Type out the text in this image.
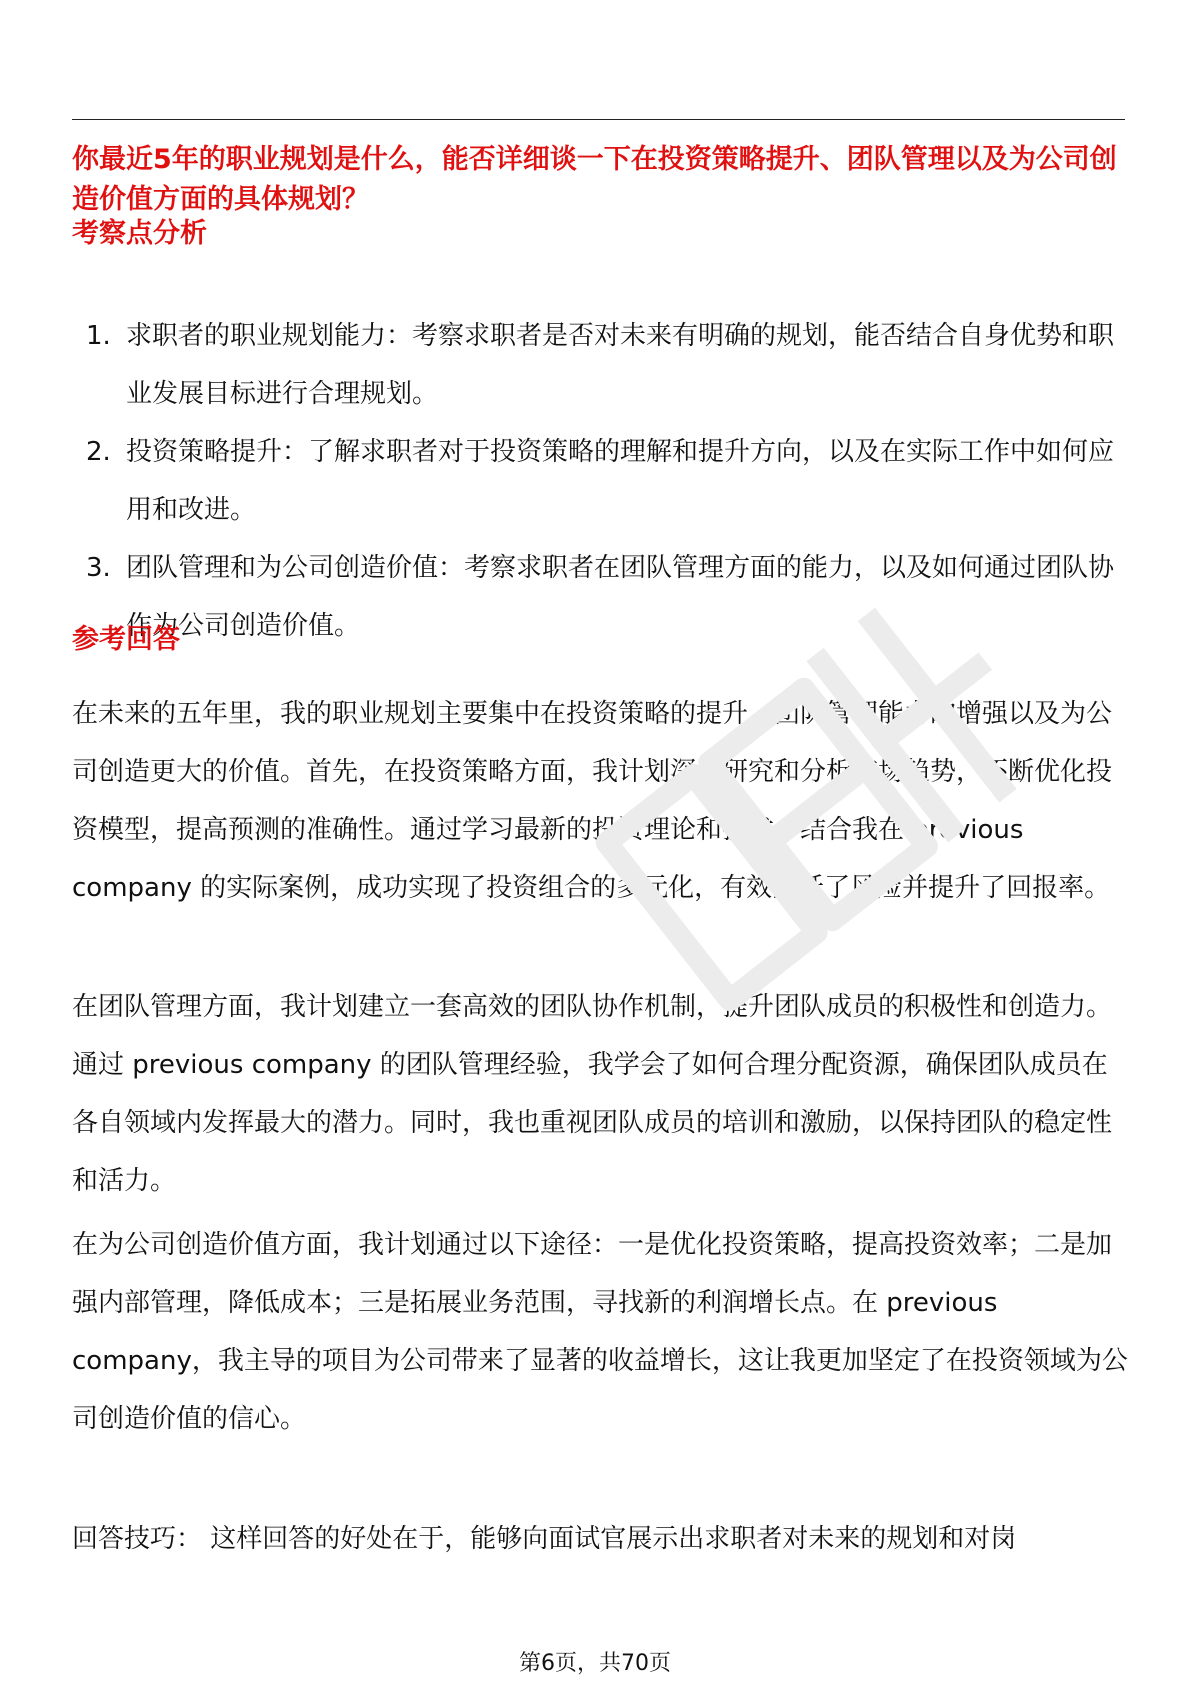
你最近5年的职业规划是什么，能否详细谈一下在投资策略提升、团队管理以及为公司创造价值方面的具体规划？
考察点分析
1. 求职者的职业规划能力：考察求职者是否对未来有明确的规划，能否结合自身优势和职业发展目标进行合理规划。
2. 投资策略提升：了解求职者对于投资策略的理解和提升方向，以及在实际工作中如何应用和改进。
3. 团队管理和为公司创造价值：考察求职者在团队管理方面的能力，以及如何通过团队协作为公司创造价值。
参考回答

在未来的五年里，我的职业规划主要集中在投资策略的提升、团队管理能力的增强以及为公司创造更大的价值。首先，在投资策略方面，我计划深入研究和分析市场趋势，不断优化投资模型，提高预测的准确性。通过学习最新的投资理论和技术，结合我在 previous company 的实际案例，成功实现了投资组合的多元化，有效降低了风险并提升了回报率。

在团队管理方面，我计划建立一套高效的团队协作机制，提升团队成员的积极性和创造力。通过 previous company 的团队管理经验，我学会了如何合理分配资源，确保团队成员在各自领域内发挥最大的潜力。同时，我也重视团队成员的培训和激励，以保持团队的稳定性和活力。

在为公司创造价值方面，我计划通过以下途径：一是优化投资策略，提高投资效率；二是加强内部管理，降低成本；三是拓展业务范围，寻找新的利润增长点。在 previous company，我主导的项目为公司带来了显著的收益增长，这让我更加坚定了在投资领域为公司创造价值的信心。

回答技巧： 这样回答的好处在于，能够向面试官展示出求职者对未来的规划和对岗

第6页，共70页
